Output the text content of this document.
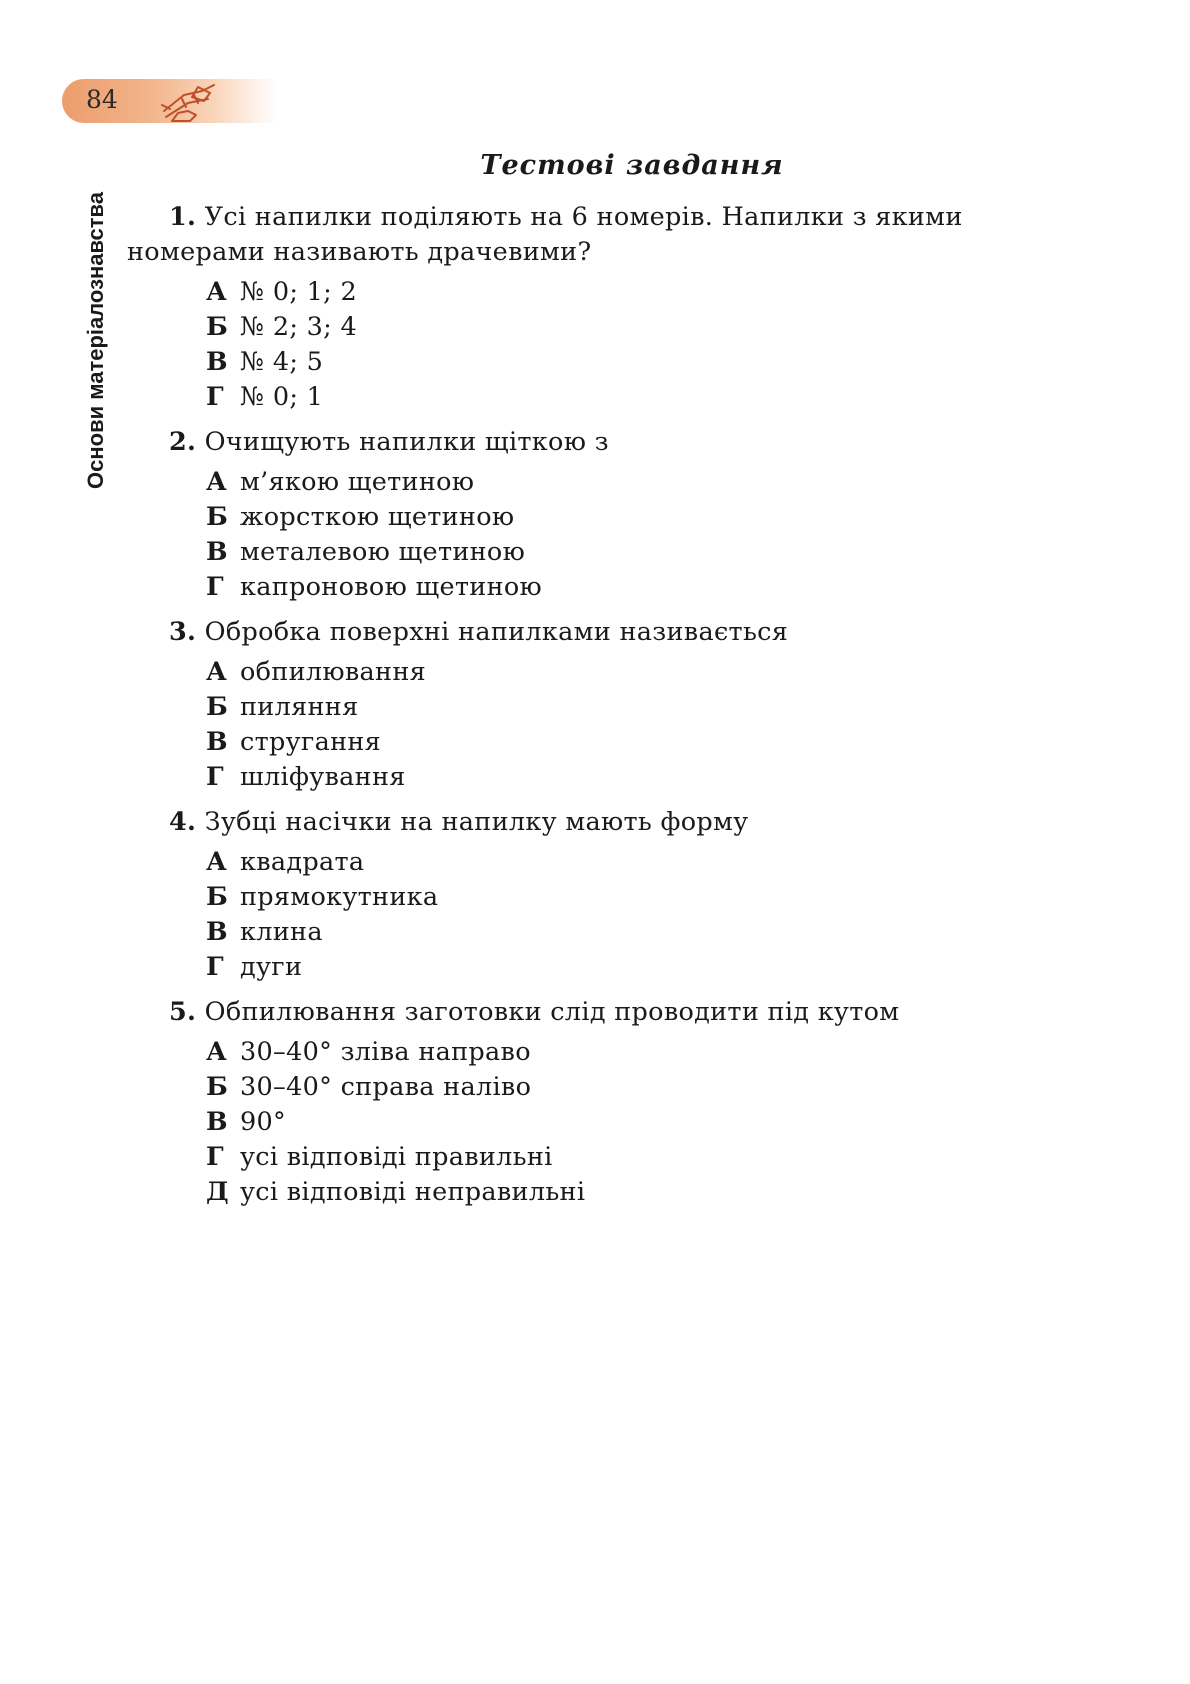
84
Основи матеріалознавства
Тестові завдання

1. Усі напилки поділяють на 6 номерів. Напилки з якими номерами називають драчевими?

А № 0; 1; 2
Б № 2; 3; 4
В № 4; 5
Г № 0; 1

2. Очищують напилки щіткою з

А м’якою щетиною
Б жорсткою щетиною
В металевою щетиною
Г капроновою щетиною

3. Обробка поверхні напилками називається

А обпилювання
Б пиляння
В стругання
Г шліфування

4. Зубці насічки на напилку мають форму

А квадрата
Б прямокутника
В клина
Г дуги

5. Обпилювання заготовки слід проводити під кутом

А 30–40° зліва направо
Б 30–40° справа наліво
В 90°
Г усі відповіді правильні
Д усі відповіді неправильні
